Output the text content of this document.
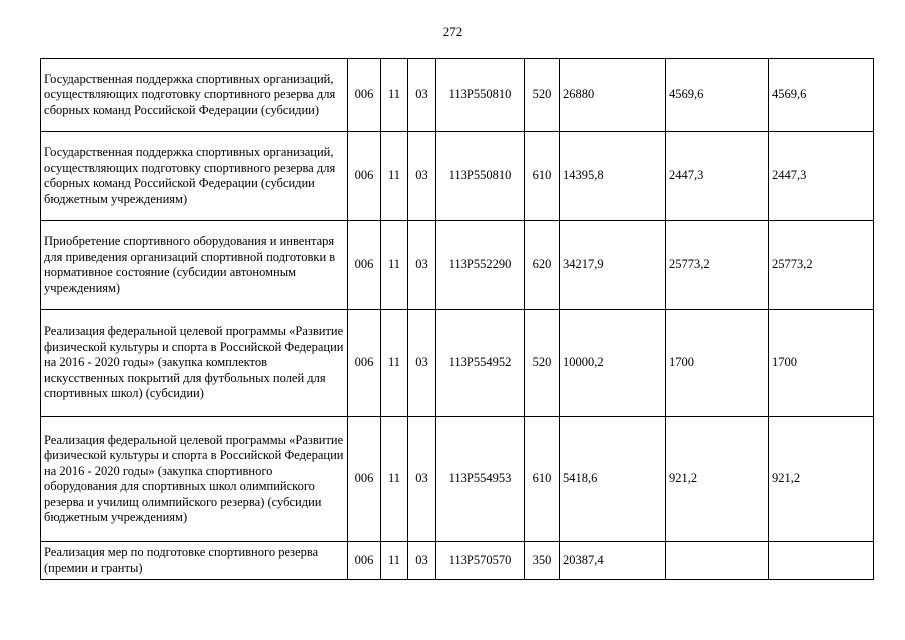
272
Государственная поддержка спортивных организаций, осуществляющих подготовку спортивного резерва для сборных команд Российской Федерации (субсидии)	006	11	03	113P550810	520	26880	4569,6	4569,6
Государственная поддержка спортивных организаций, осуществляющих подготовку спортивного резерва для сборных команд Российской Федерации (субсидии бюджетным учреждениям)	006	11	03	113P550810	610	14395,8	2447,3	2447,3
Приобретение спортивного оборудования и инвентаря для приведения организаций спортивной подготовки в нормативное состояние (субсидии автономным учреждениям)	006	11	03	113P552290	620	34217,9	25773,2	25773,2
Реализация федеральной целевой программы «Развитие физической культуры и спорта в Российской Федерации на 2016 - 2020 годы» (закупка комплектов искусственных покрытий для футбольных полей для спортивных школ) (субсидии)	006	11	03	113P554952	520	10000,2	1700	1700
Реализация федеральной целевой программы «Развитие физической культуры и спорта в Российской Федерации на 2016 - 2020 годы» (закупка спортивного оборудования для спортивных школ олимпийского резерва и училищ олимпийского резерва) (субсидии бюджетным учреждениям)	006	11	03	113P554953	610	5418,6	921,2	921,2
Реализация мер по подготовке спортивного резерва (премии и гранты)	006	11	03	113P570570	350	20387,4		
